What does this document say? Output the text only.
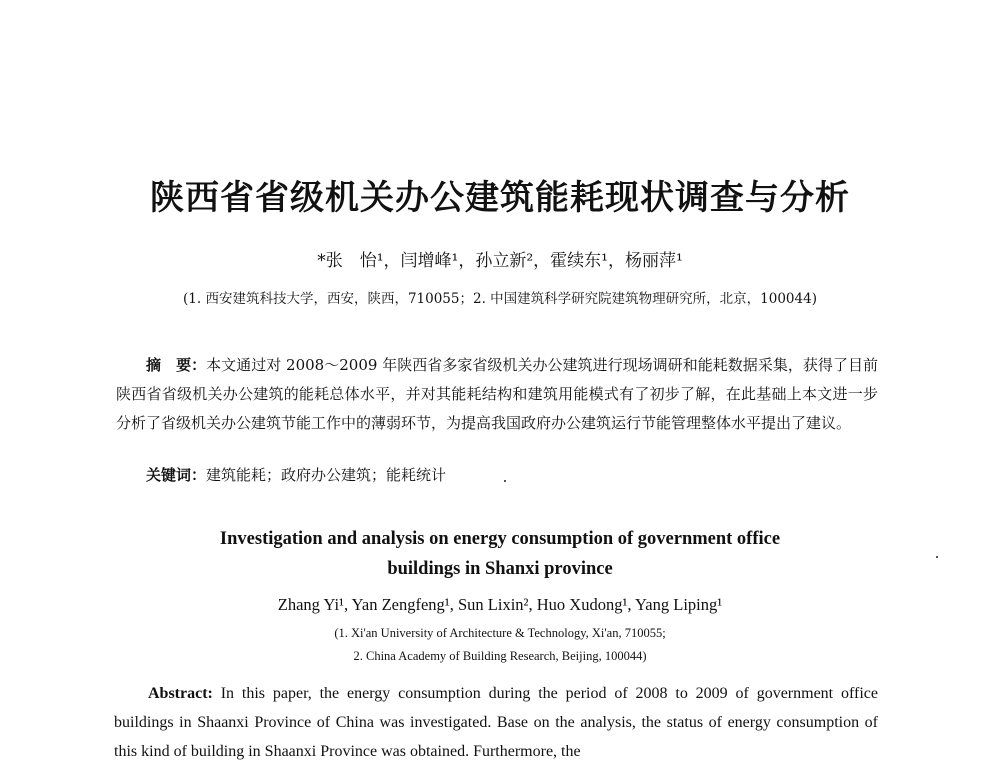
陕西省省级机关办公建筑能耗现状调查与分析
*张　怡¹，闫增峰¹，孙立新²，霍续东¹，杨丽萍¹
(1. 西安建筑科技大学，西安，陕西，710055；2. 中国建筑科学研究院建筑物理研究所，北京，100044)
摘　要：本文通过对 2008～2009 年陕西省多家省级机关办公建筑进行现场调研和能耗数据采集，获得了目前陕西省省级机关办公建筑的能耗总体水平，并对其能耗结构和建筑用能模式有了初步了解，在此基础上本文进一步分析了省级机关办公建筑节能工作中的薄弱环节，为提高我国政府办公建筑运行节能管理整体水平提出了建议。
关键词：建筑能耗；政府办公建筑；能耗统计
Investigation and analysis on energy consumption of government office
buildings in Shanxi province
Zhang Yi¹, Yan Zengfeng¹, Sun Lixin², Huo Xudong¹, Yang Liping¹
(1. Xi'an University of Architecture & Technology, Xi'an, 710055;
2. China Academy of Building Research, Beijing, 100044)
Abstract: In this paper, the energy consumption during the period of 2008 to 2009 of government office buildings in Shaanxi Province of China was investigated. Base on the analysis, the status of energy consumption of this kind of building in Shaanxi Province was obtained. Furthermore, the
